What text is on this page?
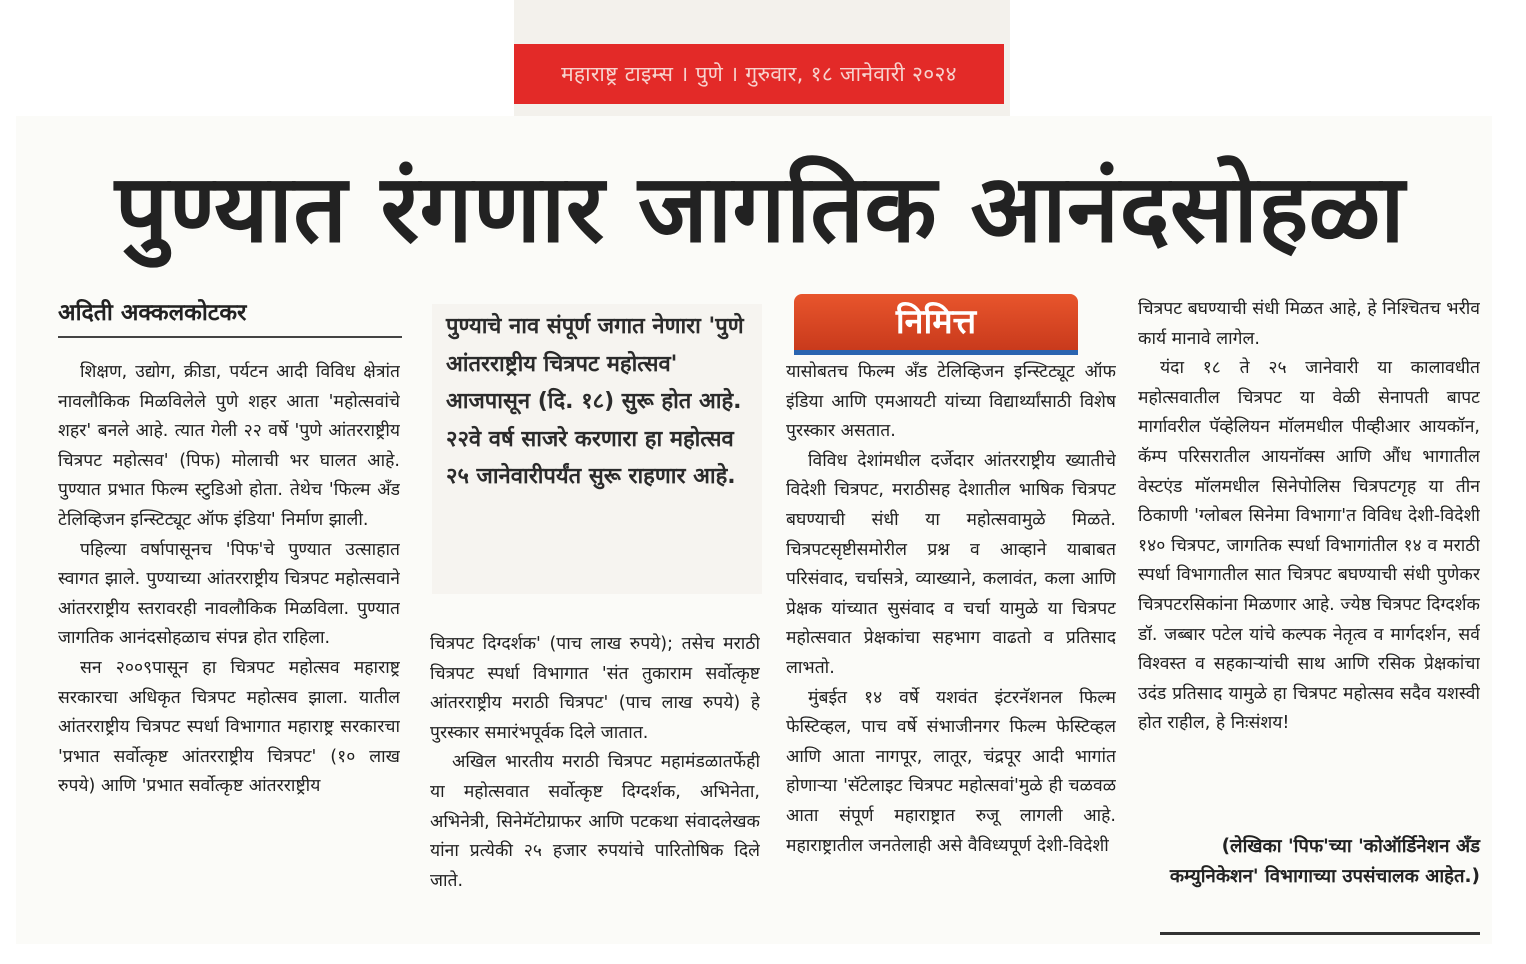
महाराष्ट्र टाइम्स । पुणे । गुरुवार, १८ जानेवारी २०२४
पुण्यात रंगणार जागतिक आनंदसोहळा
अदिती अक्कलकोटकर

शिक्षण, उद्योग, क्रीडा, पर्यटन आदी विविध क्षेत्रांत नावलौकिक मिळविलेले पुणे शहर आता 'महोत्सवांचे शहर' बनले आहे. त्यात गेली २२ वर्षे 'पुणे आंतरराष्ट्रीय चित्रपट महोत्सव' (पिफ) मोलाची भर घालत आहे. पुण्यात प्रभात फिल्म स्टुडिओ होता. तेथेच 'फिल्म अँड टेलिव्हिजन इन्स्टिट्यूट ऑफ इंडिया' निर्माण झाली.

पहिल्या वर्षापासूनच 'पिफ'चे पुण्यात उत्साहात स्वागत झाले. पुण्याच्या आंतरराष्ट्रीय चित्रपट महोत्सवाने आंतरराष्ट्रीय स्तरावरही नावलौकिक मिळविला. पुण्यात जागतिक आनंदसोहळाच संपन्न होत राहिला.

सन २००९पासून हा चित्रपट महोत्सव महाराष्ट्र सरकारचा अधिकृत चित्रपट महोत्सव झाला. यातील आंतरराष्ट्रीय चित्रपट स्पर्धा विभागात महाराष्ट्र सरकारचा 'प्रभात सर्वोत्कृष्ट आंतरराष्ट्रीय चित्रपट' (१० लाख रुपये) आणि 'प्रभात सर्वोत्कृष्ट आंतरराष्ट्रीय

पुण्याचे नाव संपूर्ण जगात नेणारा 'पुणे आंतरराष्ट्रीय चित्रपट महोत्सव' आजपासून (दि. १८) सुरू होत आहे. २२वे वर्ष साजरे करणारा हा महोत्सव २५ जानेवारीपर्यंत सुरू राहणार आहे.

चित्रपट दिग्दर्शक' (पाच लाख रुपये); तसेच मराठी चित्रपट स्पर्धा विभागात 'संत तुकाराम सर्वोत्कृष्ट आंतरराष्ट्रीय मराठी चित्रपट' (पाच लाख रुपये) हे पुरस्कार समारंभपूर्वक दिले जातात.

अखिल भारतीय मराठी चित्रपट महामंडळातर्फेही या महोत्सवात सर्वोत्कृष्ट दिग्दर्शक, अभिनेता, अभिनेत्री, सिनेमॅटोग्राफर आणि पटकथा संवादलेखक यांना प्रत्येकी २५ हजार रुपयांचे पारितोषिक दिले जाते.

निमित्त

यासोबतच फिल्म अँड टेलिव्हिजन इन्स्टिट्यूट ऑफ इंडिया आणि एमआयटी यांच्या विद्यार्थ्यांसाठी विशेष पुरस्कार असतात.

विविध देशांमधील दर्जेदार आंतरराष्ट्रीय ख्यातीचे विदेशी चित्रपट, मराठीसह देशातील भाषिक चित्रपट बघण्याची संधी या महोत्सवामुळे मिळते. चित्रपटसृष्टीसमोरील प्रश्न व आव्हाने याबाबत परिसंवाद, चर्चासत्रे, व्याख्याने, कलावंत, कला आणि प्रेक्षक यांच्यात सुसंवाद व चर्चा यामुळे या चित्रपट महोत्सवात प्रेक्षकांचा सहभाग वाढतो व प्रतिसाद लाभतो.

मुंबईत १४ वर्षे यशवंत इंटरनॅशनल फिल्म फेस्टिव्हल, पाच वर्षे संभाजीनगर फिल्म फेस्टिव्हल आणि आता नागपूर, लातूर, चंद्रपूर आदी भागांत होणाऱ्या 'सॅटेलाइट चित्रपट महोत्सवां'मुळे ही चळवळ आता संपूर्ण महाराष्ट्रात रुजू लागली आहे. महाराष्ट्रातील जनतेलाही असे वैविध्यपूर्ण देशी-विदेशी

चित्रपट बघण्याची संधी मिळत आहे, हे निश्चितच भरीव कार्य मानावे लागेल.

यंदा १८ ते २५ जानेवारी या कालावधीत महोत्सवातील चित्रपट या वेळी सेनापती बापट मार्गावरील पॅव्हेलियन मॉलमधील पीव्हीआर आयकॉन, कॅम्प परिसरातील आयनॉक्स आणि औंध भागातील वेस्टएंड मॉलमधील सिनेपोलिस चित्रपटगृह या तीन ठिकाणी 'ग्लोबल सिनेमा विभागा'त विविध देशी-विदेशी १४० चित्रपट, जागतिक स्पर्धा विभागांतील १४ व मराठी स्पर्धा विभागातील सात चित्रपट बघण्याची संधी पुणेकर चित्रपटरसिकांना मिळणार आहे. ज्येष्ठ चित्रपट दिग्दर्शक डॉ. जब्बार पटेल यांचे कल्पक नेतृत्व व मार्गदर्शन, सर्व विश्वस्त व सहकाऱ्यांची साथ आणि रसिक प्रेक्षकांचा उदंड प्रतिसाद यामुळे हा चित्रपट महोत्सव सदैव यशस्वी होत राहील, हे निःसंशय!

(लेखिका 'पिफ'च्या 'कोऑर्डिनेशन अँड कम्युनिकेशन' विभागाच्या उपसंचालक आहेत.)
